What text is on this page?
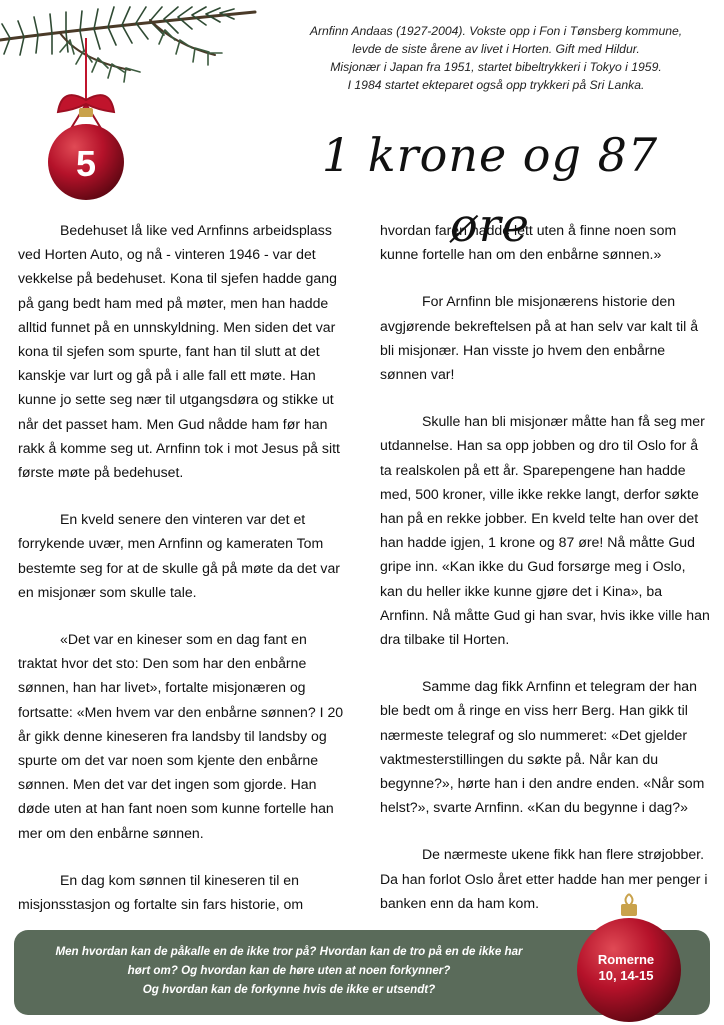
5

Arnfinn Andaas (1927-2004). Vokste opp i Fon i Tønsberg kommune,

levde de siste årene av livet i Horten. Gift med Hildur.

Misjonær i Japan fra 1951, startet bibeltrykkeri i Tokyo i 1959.

I 1984 startet ekteparet også opp trykkeri på Sri Lanka.

1 krone og 87 øre

Bedehuset lå like ved Arnfinns arbeidsplass ved Horten Auto, og nå - vinteren 1946 - var det vekkelse på bedehuset. Kona til sjefen hadde gang på gang bedt ham med på møter, men han hadde alltid funnet på en unnskyldning. Men siden det var kona til sjefen som spurte, fant han til slutt at det kanskje var lurt og gå på i alle fall ett møte. Han kunne jo sette seg nær til utgangsdøra og stikke ut når det passet ham. Men Gud nådde ham før han rakk å komme seg ut. Arnfinn tok i mot Jesus på sitt første møte på bedehuset.

En kveld senere den vinteren var det et forrykende uvær, men Arnfinn og kameraten Tom bestemte seg for at de skulle gå på møte da det var en misjonær som skulle tale.

«Det var en kineser som en dag fant en traktat hvor det sto: Den som har den enbårne sønnen, han har livet», fortalte misjonæren og fortsatte: «Men hvem var den enbårne sønnen? I 20 år gikk denne kineseren fra landsby til landsby og spurte om det var noen som kjente den enbårne sønnen. Men det var det ingen som gjorde. Han døde uten at han fant noen som kunne fortelle han mer om den enbårne sønnen.

En dag kom sønnen til kineseren til en misjonsstasjon og fortalte sin fars historie, om

hvordan faren hadde lett uten å finne noen som kunne fortelle han om den enbårne sønnen.»

For Arnfinn ble misjonærens historie den avgjørende bekreftelsen på at han selv var kalt til å bli misjonær. Han visste jo hvem den enbårne sønnen var!

Skulle han bli misjonær måtte han få seg mer utdannelse. Han sa opp jobben og dro til Oslo for å ta realskolen på ett år. Sparepengene han hadde med, 500 kroner, ville ikke rekke langt, derfor søkte han på en rekke jobber. En kveld telte han over det han hadde igjen, 1 krone og 87 øre! Nå måtte Gud gripe inn. «Kan ikke du Gud forsørge meg i Oslo, kan du heller ikke kunne gjøre det i Kina», ba Arnfinn. Nå måtte Gud gi han svar, hvis ikke ville han dra tilbake til Horten.

Samme dag fikk Arnfinn et telegram der han ble bedt om å ringe en viss herr Berg. Han gikk til nærmeste telegraf og slo nummeret: «Det gjelder vaktmesterstillingen du søkte på. Når kan du begynne?», hørte han i den andre enden. «Når som helst?», svarte Arnfinn. «Kan du begynne i dag?»

De nærmeste ukene fikk han flere strøjobber. Da han forlot Oslo året etter hadde han mer penger i banken enn da ham kom.

Men hvordan kan de påkalle en de ikke tror på? Hvordan kan de tro på en de ikke har

hørt om? Og hvordan kan de høre uten at noen forkynner?

Og hvordan kan de forkynne hvis de ikke er utsendt?

Romerne
10, 14-15
